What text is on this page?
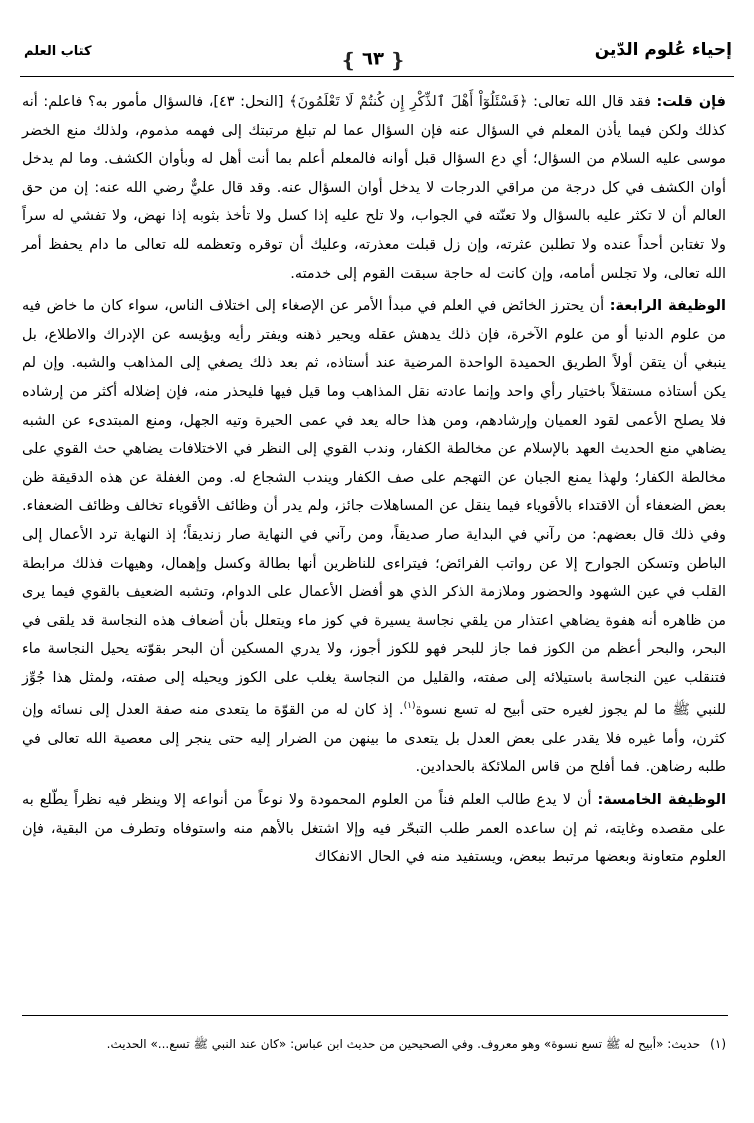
إحياء عُلوم الدّين
❴ ٦٣ ❵
كتاب العلم

فإن قلت: فقد قال الله تعالى: ﴿فَسْئَلُوٓاْ أَهْلَ ٱلذِّكْرِ إِن كُنتُمْ لَا تَعْلَمُونَ﴾ [النحل: ٤٣]، فالسؤال مأمور به؟ فاعلم: أنه كذلك ولكن فيما يأذن المعلم في السؤال عنه فإن السؤال عما لم تبلغ مرتبتك إلى فهمه مذموم، ولذلك منع الخضر موسى عليه السلام من السؤال؛ أي دع السؤال قبل أوانه فالمعلم أعلم بما أنت أهل له وبأوان الكشف. وما لم يدخل أوان الكشف في كل درجة من مراقي الدرجات لا يدخل أوان السؤال عنه. وقد قال عليٌّ رضي الله عنه: إن من حق العالم أن لا تكثر عليه بالسؤال ولا تعنّته في الجواب، ولا تلح عليه إذا كسل ولا تأخذ بثوبه إذا نهض، ولا تفشي له سراً ولا تغتابن أحداً عنده ولا تطلبن عثرته، وإن زل قبلت معذرته، وعليك أن توقره وتعظمه لله تعالى ما دام يحفظ أمر الله تعالى، ولا تجلس أمامه، وإن كانت له حاجة سبقت القوم إلى خدمته.

الوظيفة الرابعة: أن يحترز الخائض في العلم في مبدأ الأمر عن الإصغاء إلى اختلاف الناس، سواء كان ما خاض فيه من علوم الدنيا أو من علوم الآخرة، فإن ذلك يدهش عقله ويحير ذهنه ويفتر رأيه ويؤيسه عن الإدراك والاطلاع، بل ينبغي أن يتقن أولاً الطريق الحميدة الواحدة المرضية عند أستاذه، ثم بعد ذلك يصغي إلى المذاهب والشبه. وإن لم يكن أستاذه مستقلاً باختيار رأي واحد وإنما عادته نقل المذاهب وما قيل فيها فليحذر منه، فإن إضلاله أكثر من إرشاده فلا يصلح الأعمى لقود العميان وإرشادهم، ومن هذا حاله يعد في عمى الحيرة وتيه الجهل، ومنع المبتدىء عن الشبه يضاهي منع الحديث العهد بالإسلام عن مخالطة الكفار، وندب القوي إلى النظر في الاختلافات يضاهي حث القوي على مخالطة الكفار؛ ولهذا يمنع الجبان عن التهجم على صف الكفار ويندب الشجاع له. ومن الغفلة عن هذه الدقيقة ظن بعض الضعفاء أن الاقتداء بالأقوياء فيما ينقل عن المساهلات جائز، ولم يدر أن وظائف الأقوياء تخالف وظائف الضعفاء. وفي ذلك قال بعضهم: من رآني في البداية صار صديقاً، ومن رآني في النهاية صار زنديقاً؛ إذ النهاية ترد الأعمال إلى الباطن وتسكن الجوارح إلا عن رواتب الفرائض؛ فيتراءى للناظرين أنها بطالة وكسل وإهمال، وهيهات فذلك مرابطة القلب في عين الشهود والحضور وملازمة الذكر الذي هو أفضل الأعمال على الدوام، وتشبه الضعيف بالقوي فيما يرى من ظاهره أنه هفوة يضاهي اعتذار من يلقي نجاسة يسيرة في كوز ماء ويتعلل بأن أضعاف هذه النجاسة قد يلقى في البحر، والبحر أعظم من الكوز فما جاز للبحر فهو للكوز أجوز، ولا يدري المسكين أن البحر بقوّته يحيل النجاسة ماء فتنقلب عين النجاسة باستيلائه إلى صفته، والقليل من النجاسة يغلب على الكوز ويحيله إلى صفته، ولمثل هذا جُوِّز للنبي ﷺ ما لم يجوز لغيره حتى أبيح له تسع نسوة$^{(١)}$. إذ كان له من القوّة ما يتعدى منه صفة العدل إلى نسائه وإن كثرن، وأما غيره فلا يقدر على بعض العدل بل يتعدى ما بينهن من الضرار إليه حتى ينجر إلى معصية الله تعالى في طلبه رضاهن. فما أفلح من قاس الملائكة بالحدادين.

الوظيفة الخامسة: أن لا يدع طالب العلم فناً من العلوم المحمودة ولا نوعاً من أنواعه إلا وينظر فيه نظراً يطّلع به على مقصده وغايته، ثم إن ساعده العمر طلب التبحّر فيه وإلا اشتغل بالأهم منه واستوفاه وتطرف من البقية، فإن العلوم متعاونة وبعضها مرتبط ببعض، ويستفيد منه في الحال الانفكاك

(١)حديث: «أبيح له ﷺ تسع نسوة» وهو معروف. وفي الصحيحين من حديث ابن عباس: «كان عند النبي ﷺ تسع...» الحديث.
